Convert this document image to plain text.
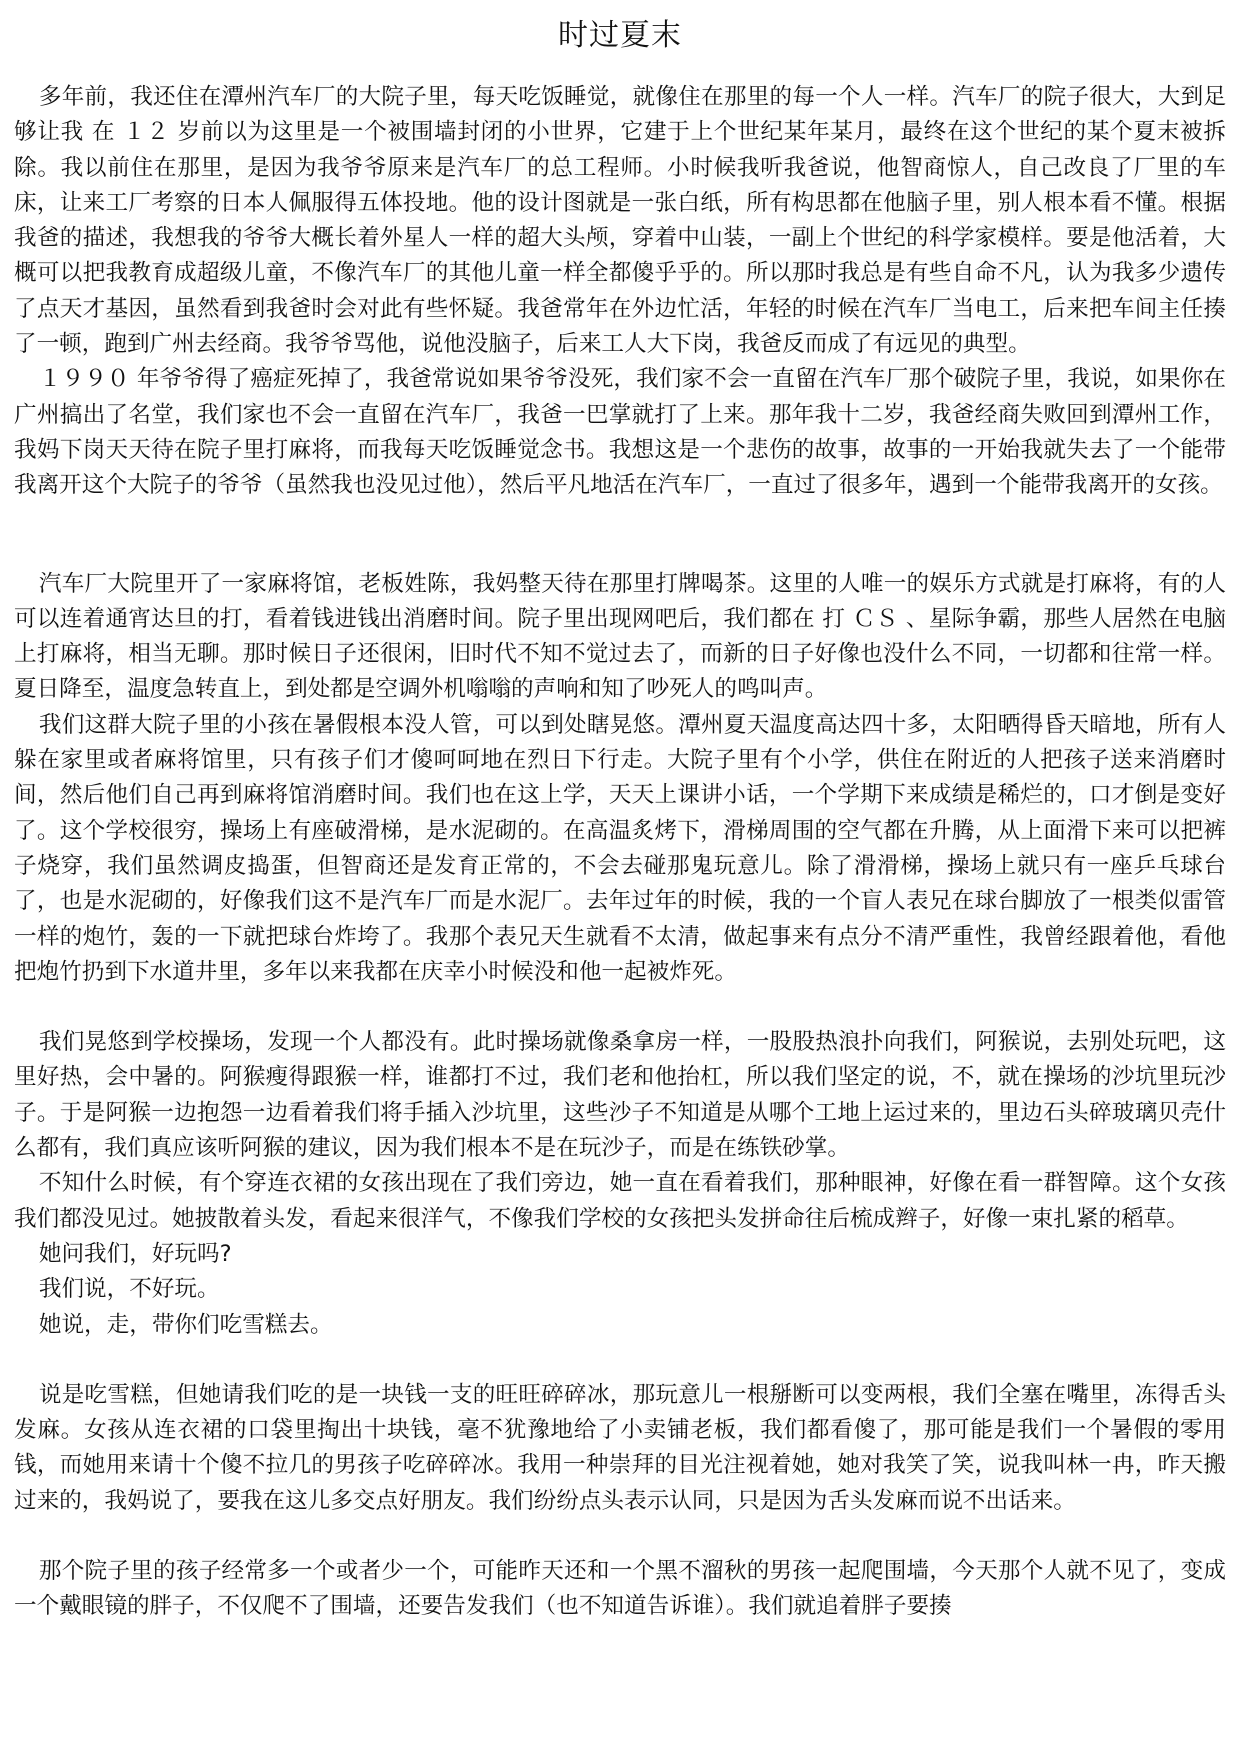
时过夏末

多年前，我还住在潭州汽车厂的大院子里，每天吃饭睡觉，就像住在那里的每一个人一样。汽车厂的院子很大，大到足够让我 在 １２ 岁前以为这里是一个被围墙封闭的小世界，它建于上个世纪某年某月，最终在这个世纪的某个夏末被拆除。我以前住在那里，是因为我爷爷原来是汽车厂的总工程师。小时候我听我爸说，他智商惊人，自己改良了厂里的车床，让来工厂考察的日本人佩服得五体投地。他的设计图就是一张白纸，所有构思都在他脑子里，别人根本看不懂。根据我爸的描述，我想我的爷爷大概长着外星人一样的超大头颅，穿着中山装，一副上个世纪的科学家模样。要是他活着，大概可以把我教育成超级儿童，不像汽车厂的其他儿童一样全都傻乎乎的。所以那时我总是有些自命不凡，认为我多少遗传了点天才基因，虽然看到我爸时会对此有些怀疑。我爸常年在外边忙活，年轻的时候在汽车厂当电工，后来把车间主任揍了一顿，跑到广州去经商。我爷爷骂他，说他没脑子，后来工人大下岗，我爸反而成了有远见的典型。

１９９０ 年爷爷得了癌症死掉了，我爸常说如果爷爷没死，我们家不会一直留在汽车厂那个破院子里，我说，如果你在广州搞出了名堂，我们家也不会一直留在汽车厂，我爸一巴掌就打了上来。那年我十二岁，我爸经商失败回到潭州工作，我妈下岗天天待在院子里打麻将，而我每天吃饭睡觉念书。我想这是一个悲伤的故事，故事的一开始我就失去了一个能带我离开这个大院子的爷爷（虽然我也没见过他），然后平凡地活在汽车厂，一直过了很多年，遇到一个能带我离开的女孩。

汽车厂大院里开了一家麻将馆，老板姓陈，我妈整天待在那里打牌喝茶。这里的人唯一的娱乐方式就是打麻将，有的人可以连着通宵达旦的打，看着钱进钱出消磨时间。院子里出现网吧后，我们都在 打 ＣＳ 、星际争霸，那些人居然在电脑上打麻将，相当无聊。那时候日子还很闲，旧时代不知不觉过去了，而新的日子好像也没什么不同，一切都和往常一样。夏日降至，温度急转直上，到处都是空调外机嗡嗡的声响和知了吵死人的鸣叫声。

我们这群大院子里的小孩在暑假根本没人管，可以到处瞎晃悠。潭州夏天温度高达四十多，太阳晒得昏天暗地，所有人躲在家里或者麻将馆里，只有孩子们才傻呵呵地在烈日下行走。大院子里有个小学，供住在附近的人把孩子送来消磨时间，然后他们自己再到麻将馆消磨时间。我们也在这上学，天天上课讲小话，一个学期下来成绩是稀烂的，口才倒是变好了。这个学校很穷，操场上有座破滑梯，是水泥砌的。在高温炙烤下，滑梯周围的空气都在升腾，从上面滑下来可以把裤子烧穿，我们虽然调皮捣蛋，但智商还是发育正常的，不会去碰那鬼玩意儿。除了滑滑梯，操场上就只有一座乒乓球台了，也是水泥砌的，好像我们这不是汽车厂而是水泥厂。去年过年的时候，我的一个盲人表兄在球台脚放了一根类似雷管一样的炮竹，轰的一下就把球台炸垮了。我那个表兄天生就看不太清，做起事来有点分不清严重性，我曾经跟着他，看他把炮竹扔到下水道井里，多年以来我都在庆幸小时候没和他一起被炸死。

我们晃悠到学校操场，发现一个人都没有。此时操场就像桑拿房一样，一股股热浪扑向我们，阿猴说，去别处玩吧，这里好热，会中暑的。阿猴瘦得跟猴一样，谁都打不过，我们老和他抬杠，所以我们坚定的说，不，就在操场的沙坑里玩沙子。于是阿猴一边抱怨一边看着我们将手插入沙坑里，这些沙子不知道是从哪个工地上运过来的，里边石头碎玻璃贝壳什么都有，我们真应该听阿猴的建议，因为我们根本不是在玩沙子，而是在练铁砂掌。

不知什么时候，有个穿连衣裙的女孩出现在了我们旁边，她一直在看着我们，那种眼神，好像在看一群智障。这个女孩我们都没见过。她披散着头发，看起来很洋气，不像我们学校的女孩把头发拼命往后梳成辫子，好像一束扎紧的稻草。

她问我们，好玩吗?

我们说，不好玩。

她说，走，带你们吃雪糕去。

说是吃雪糕，但她请我们吃的是一块钱一支的旺旺碎碎冰，那玩意儿一根掰断可以变两根，我们全塞在嘴里，冻得舌头发麻。女孩从连衣裙的口袋里掏出十块钱，毫不犹豫地给了小卖铺老板，我们都看傻了，那可能是我们一个暑假的零用钱，而她用来请十个傻不拉几的男孩子吃碎碎冰。我用一种崇拜的目光注视着她，她对我笑了笑，说我叫林一冉，昨天搬过来的，我妈说了，要我在这儿多交点好朋友。我们纷纷点头表示认同，只是因为舌头发麻而说不出话来。

那个院子里的孩子经常多一个或者少一个，可能昨天还和一个黑不溜秋的男孩一起爬围墙，今天那个人就不见了，变成一个戴眼镜的胖子，不仅爬不了围墙，还要告发我们（也不知道告诉谁）。我们就追着胖子要揍
